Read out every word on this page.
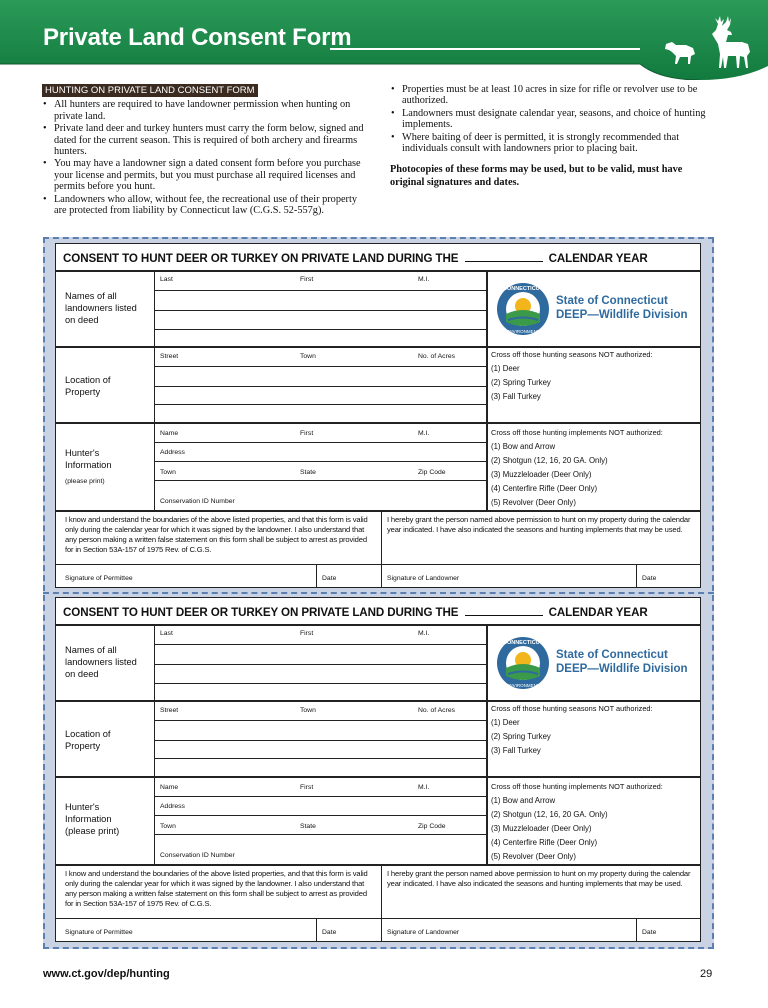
Private Land Consent Form
HUNTING ON PRIVATE LAND CONSENT FORM
• All hunters are required to have landowner permission when hunting on private land.
• Private land deer and turkey hunters must carry the form below, signed and dated for the current season. This is required of both archery and firearms hunters.
• You may have a landowner sign a dated consent form before you purchase your license and permits, but you must purchase all required licenses and permits before you hunt.
• Landowners who allow, without fee, the recreational use of their property are protected from liability by Connecticut law (C.G.S. 52-557g).
• Properties must be at least 10 acres in size for rifle or revolver use to be authorized.
• Landowners must designate calendar year, seasons, and choice of hunting implements.
• Where baiting of deer is permitted, it is strongly recommended that individuals consult with landowners prior to placing bait.

Photocopies of these forms may be used, but to be valid, must have original signatures and dates.

CONSENT TO HUNT DEER OR TURKEY ON PRIVATE LAND DURING THE	CALENDAR YEAR
Names of all landowners listed on deed
Last	First	M.I.
CONNECTICUT
ENVIRONMENT
State of Connecticut
DEEP—Wildlife Division
Location of Property
Street	Town	No. of Acres	Cross off those hunting seasons NOT authorized:
(1) Deer
(2) Spring Turkey
(3) Fall Turkey
Hunter's Information
(please print)
Name	First	M.I.
Address
Town	State	Zip Code
Conservation ID Number
Cross off those hunting implements NOT authorized:
(1) Bow and Arrow
(2) Shotgun (12, 16, 20 GA. Only)
(3) Muzzleloader (Deer Only)
(4) Centerfire Rifle (Deer Only)
(5) Revolver (Deer Only)
I know and understand the boundaries of the above listed properties, and that this form is valid only during the calendar year for which it was signed by the landowner. I also understand that any person making a written false statement on this form shall be subject to arrest as provided for in Section 53A-157 of 1975 Rev. of C.G.S.
I hereby grant the person named above permission to hunt on my property during the calendar year indicated. I have also indicated the seasons and hunting implements that may be used.
Signature of Permittee	Date	Signature of Landowner	Date
CONSENT TO HUNT DEER OR TURKEY ON PRIVATE LAND DURING THE	CALENDAR YEAR
Names of all landowners listed on deed
Last	First	M.I.
CONNECTICUT
ENVIRONMENT
State of Connecticut
DEEP—Wildlife Division
Location of Property
Street	Town	No. of Acres	Cross off those hunting seasons NOT authorized:
(1) Deer
(2) Spring Turkey
(3) Fall Turkey
Hunter's Information
(please print)
Name	First	M.I.
Address
Town	State	Zip Code
Conservation ID Number
Cross off those hunting implements NOT authorized:
(1) Bow and Arrow
(2) Shotgun (12, 16, 20 GA. Only)
(3) Muzzleloader (Deer Only)
(4) Centerfire Rifle (Deer Only)
(5) Revolver (Deer Only)
I know and understand the boundaries of the above listed properties, and that this form is valid only during the calendar year for which it was signed by the landowner. I also understand that any person making a written false statement on this form shall be subject to arrest as provided for in Section 53A-157 of 1975 Rev. of C.G.S.
I hereby grant the person named above permission to hunt on my property during the calendar year indicated. I have also indicated the seasons and hunting implements that may be used.
Signature of Permittee	Date	Signature of Landowner	Date
www.ct.gov/dep/hunting	29
